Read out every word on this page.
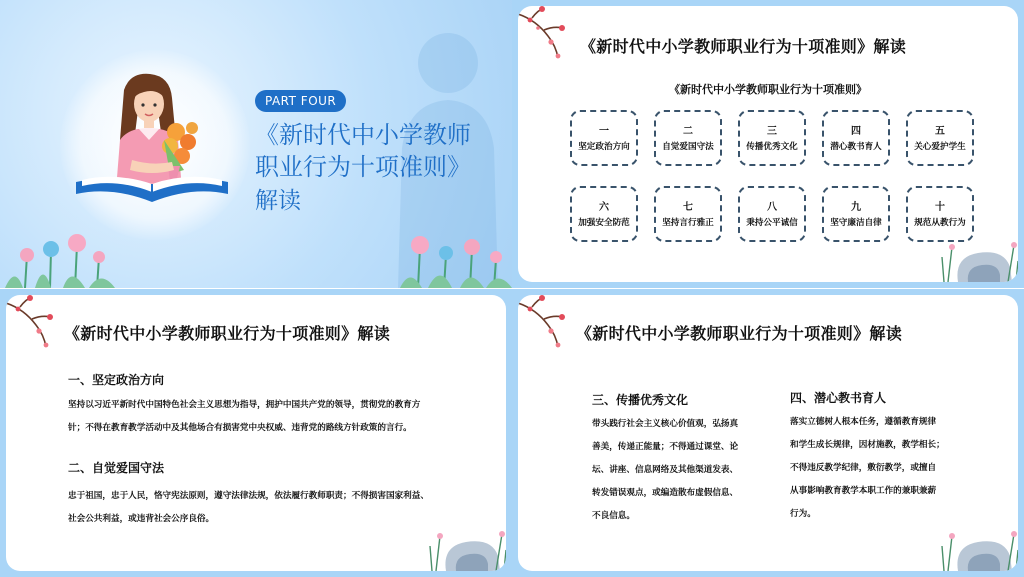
PART FOUR
《新时代中小学教师
职业行为十项准则》
解读
《新时代中小学教师职业行为十项准则》解读
《新时代中小学教师职业行为十项准则》
一
坚定政治方向
二
自觉爱国守法
三
传播优秀文化
四
潜心教书育人
五
关心爱护学生
六
加强安全防范
七
坚持言行雅正
八
秉持公平诚信
九
坚守廉洁自律
十
规范从教行为
《新时代中小学教师职业行为十项准则》解读
一、坚定政治方向
坚持以习近平新时代中国特色社会主义思想为指导，拥护中国共产党的领导，贯彻党的教育方
针；不得在教育教学活动中及其他场合有损害党中央权威、违背党的路线方针政策的言行。
二、自觉爱国守法
忠于祖国，忠于人民，恪守宪法原则，遵守法律法规，依法履行教师职责；不得损害国家利益、
社会公共利益，或违背社会公序良俗。
《新时代中小学教师职业行为十项准则》解读
三、传播优秀文化
带头践行社会主义核心价值观，弘扬真
善美，传递正能量；不得通过课堂、论
坛、讲座、信息网络及其他渠道发表、
转发错误观点，或编造散布虚假信息、
不良信息。
四、潜心教书育人
落实立德树人根本任务，遵循教育规律
和学生成长规律，因材施教，教学相长；
不得违反教学纪律，敷衍教学，或擅自
从事影响教育教学本职工作的兼职兼薪
行为。
